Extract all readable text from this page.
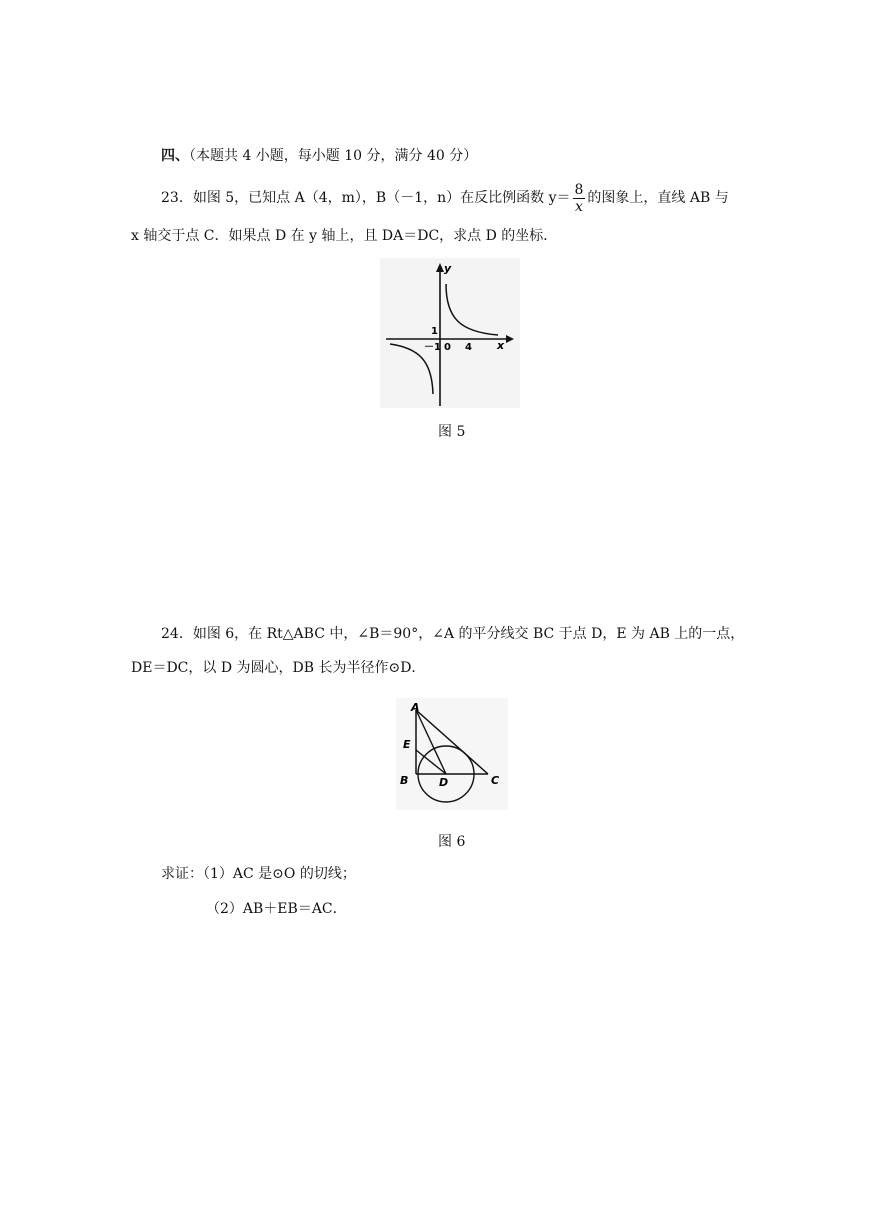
四、（本题共 4 小题，每小题 10 分，满分 40 分）
23．如图 5，已知点 A（4，m），B（－1，n）在反比例函数 $y= \frac{8}{x}$ 的图象上，直线 AB 与
x 轴交于点 C．如果点 D 在 y 轴上，且 DA＝DC，求点 D 的坐标．
y
x
1
－1 0 4
图 5
24．如图 6，在 Rt△ABC 中，∠B＝90°，∠A 的平分线交 BC 于点 D，E 为 AB 上的一点，
DE＝DC，以 D 为圆心，DB 长为半径作⊙D．
A
E
B	D	C
图 6
求证：（1）AC 是⊙O 的切线；
（2）AB＋EB＝AC．
